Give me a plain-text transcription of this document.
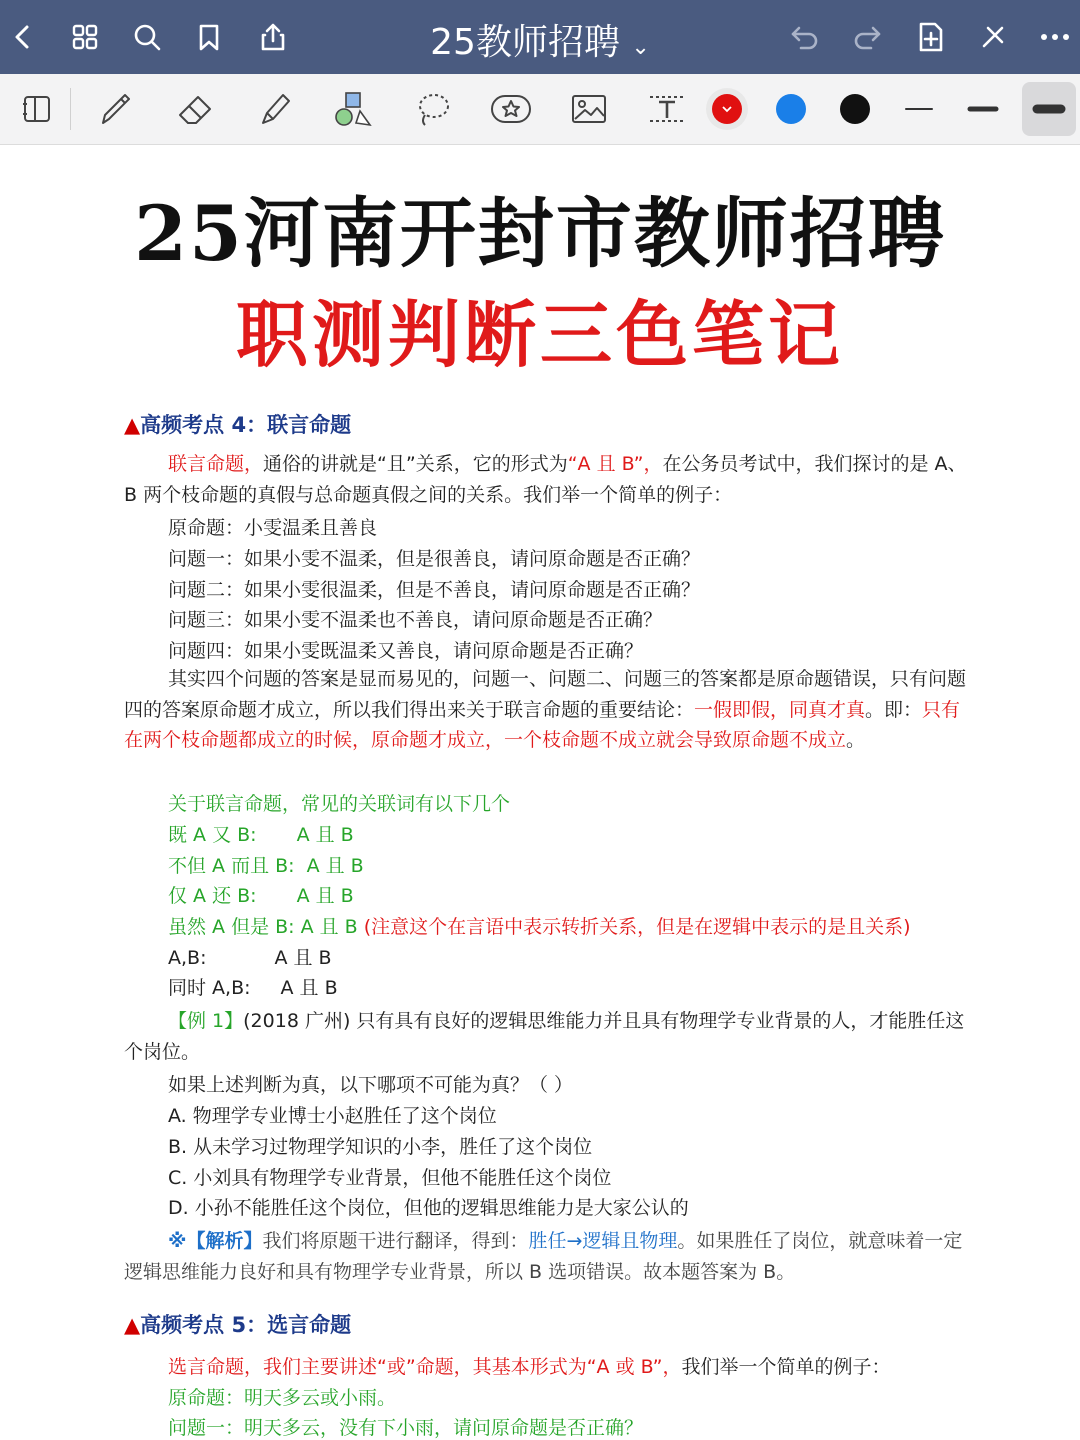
25教师招聘 ⌄
25河南开封市教师招聘
职测判断三色笔记
▲高频考点 4：联言命题
联言命题，通俗的讲就是“且”关系，它的形式为“A 且 B”，在公务员考试中，我们探讨的是 A、B 两个枝命题的真假与总命题真假之间的关系。我们举一个简单的例子：
原命题：小雯温柔且善良
问题一：如果小雯不温柔，但是很善良，请问原命题是否正确？
问题二：如果小雯很温柔，但是不善良，请问原命题是否正确？
问题三：如果小雯不温柔也不善良，请问原命题是否正确？
问题四：如果小雯既温柔又善良，请问原命题是否正确？
其实四个问题的答案是显而易见的，问题一、问题二、问题三的答案都是原命题错误，只有问题四的答案原命题才成立，所以我们得出来关于联言命题的重要结论：一假即假，同真才真。即：只有在两个枝命题都成立的时候，原命题才成立，一个枝命题不成立就会导致原命题不成立。
关于联言命题，常见的关联词有以下几个
既 A 又 B: A 且 B
不但 A 而且 B: A 且 B
仅 A 还 B: A 且 B
虽然 A 但是 B: A 且 B (注意这个在言语中表示转折关系，但是在逻辑中表示的是且关系)
A,B:	A 且 B
同时 A,B: A 且 B
【例 1】(2018 广州) 只有具有良好的逻辑思维能力并且具有物理学专业背景的人，才能胜任这个岗位。
如果上述判断为真，以下哪项不可能为真？（ ）
A. 物理学专业博士小赵胜任了这个岗位
B. 从未学习过物理学知识的小李，胜任了这个岗位
C. 小刘具有物理学专业背景，但他不能胜任这个岗位
D. 小孙不能胜任这个岗位，但他的逻辑思维能力是大家公认的
※【解析】我们将原题干进行翻译，得到：胜任→逻辑且物理。如果胜任了岗位，就意味着一定逻辑思维能力良好和具有物理学专业背景，所以 B 选项错误。故本题答案为 B。
▲高频考点 5：选言命题
选言命题，我们主要讲述“或”命题，其基本形式为“A 或 B”，我们举一个简单的例子：
原命题：明天多云或小雨。
问题一：明天多云，没有下小雨，请问原命题是否正确？
